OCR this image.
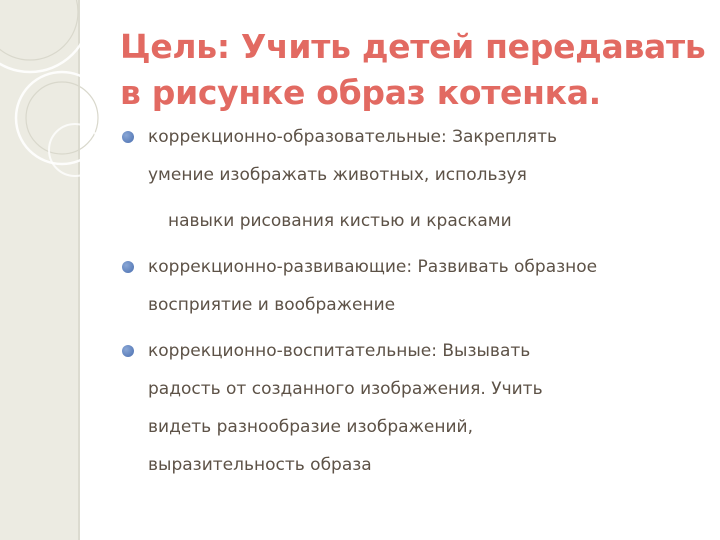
Цель: Учить детей передавать
в рисунке образ котенка.
коррекционно-образовательные: Закреплять
умение изображать животных, используя
навыки рисования кистью и красками
коррекционно-развивающие: Развивать образное
восприятие и воображение
коррекционно-воспитательные: Вызывать
радость от созданного изображения. Учить
видеть разнообразие изображений,
выразительность образа
